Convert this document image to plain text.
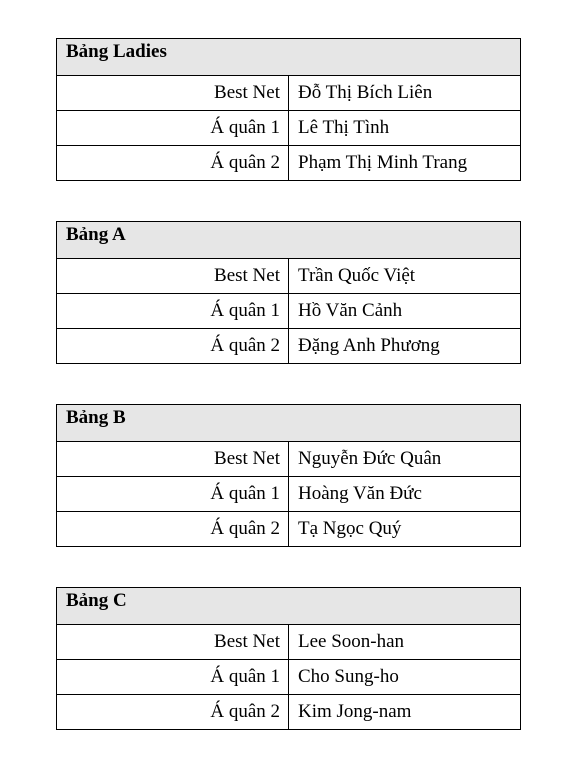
Bảng Ladies	
Best Net	Đỗ Thị Bích Liên
Á quân 1	Lê Thị Tình
Á quân 2	Phạm Thị Minh Trang
Bảng A	
Best Net	Trần Quốc Việt
Á quân 1	Hồ Văn Cảnh
Á quân 2	Đặng Anh Phương
Bảng B	
Best Net	Nguyễn Đức Quân
Á quân 1	Hoàng Văn Đức
Á quân 2	Tạ Ngọc Quý
Bảng C	
Best Net	Lee Soon-han
Á quân 1	Cho Sung-ho
Á quân 2	Kim Jong-nam
